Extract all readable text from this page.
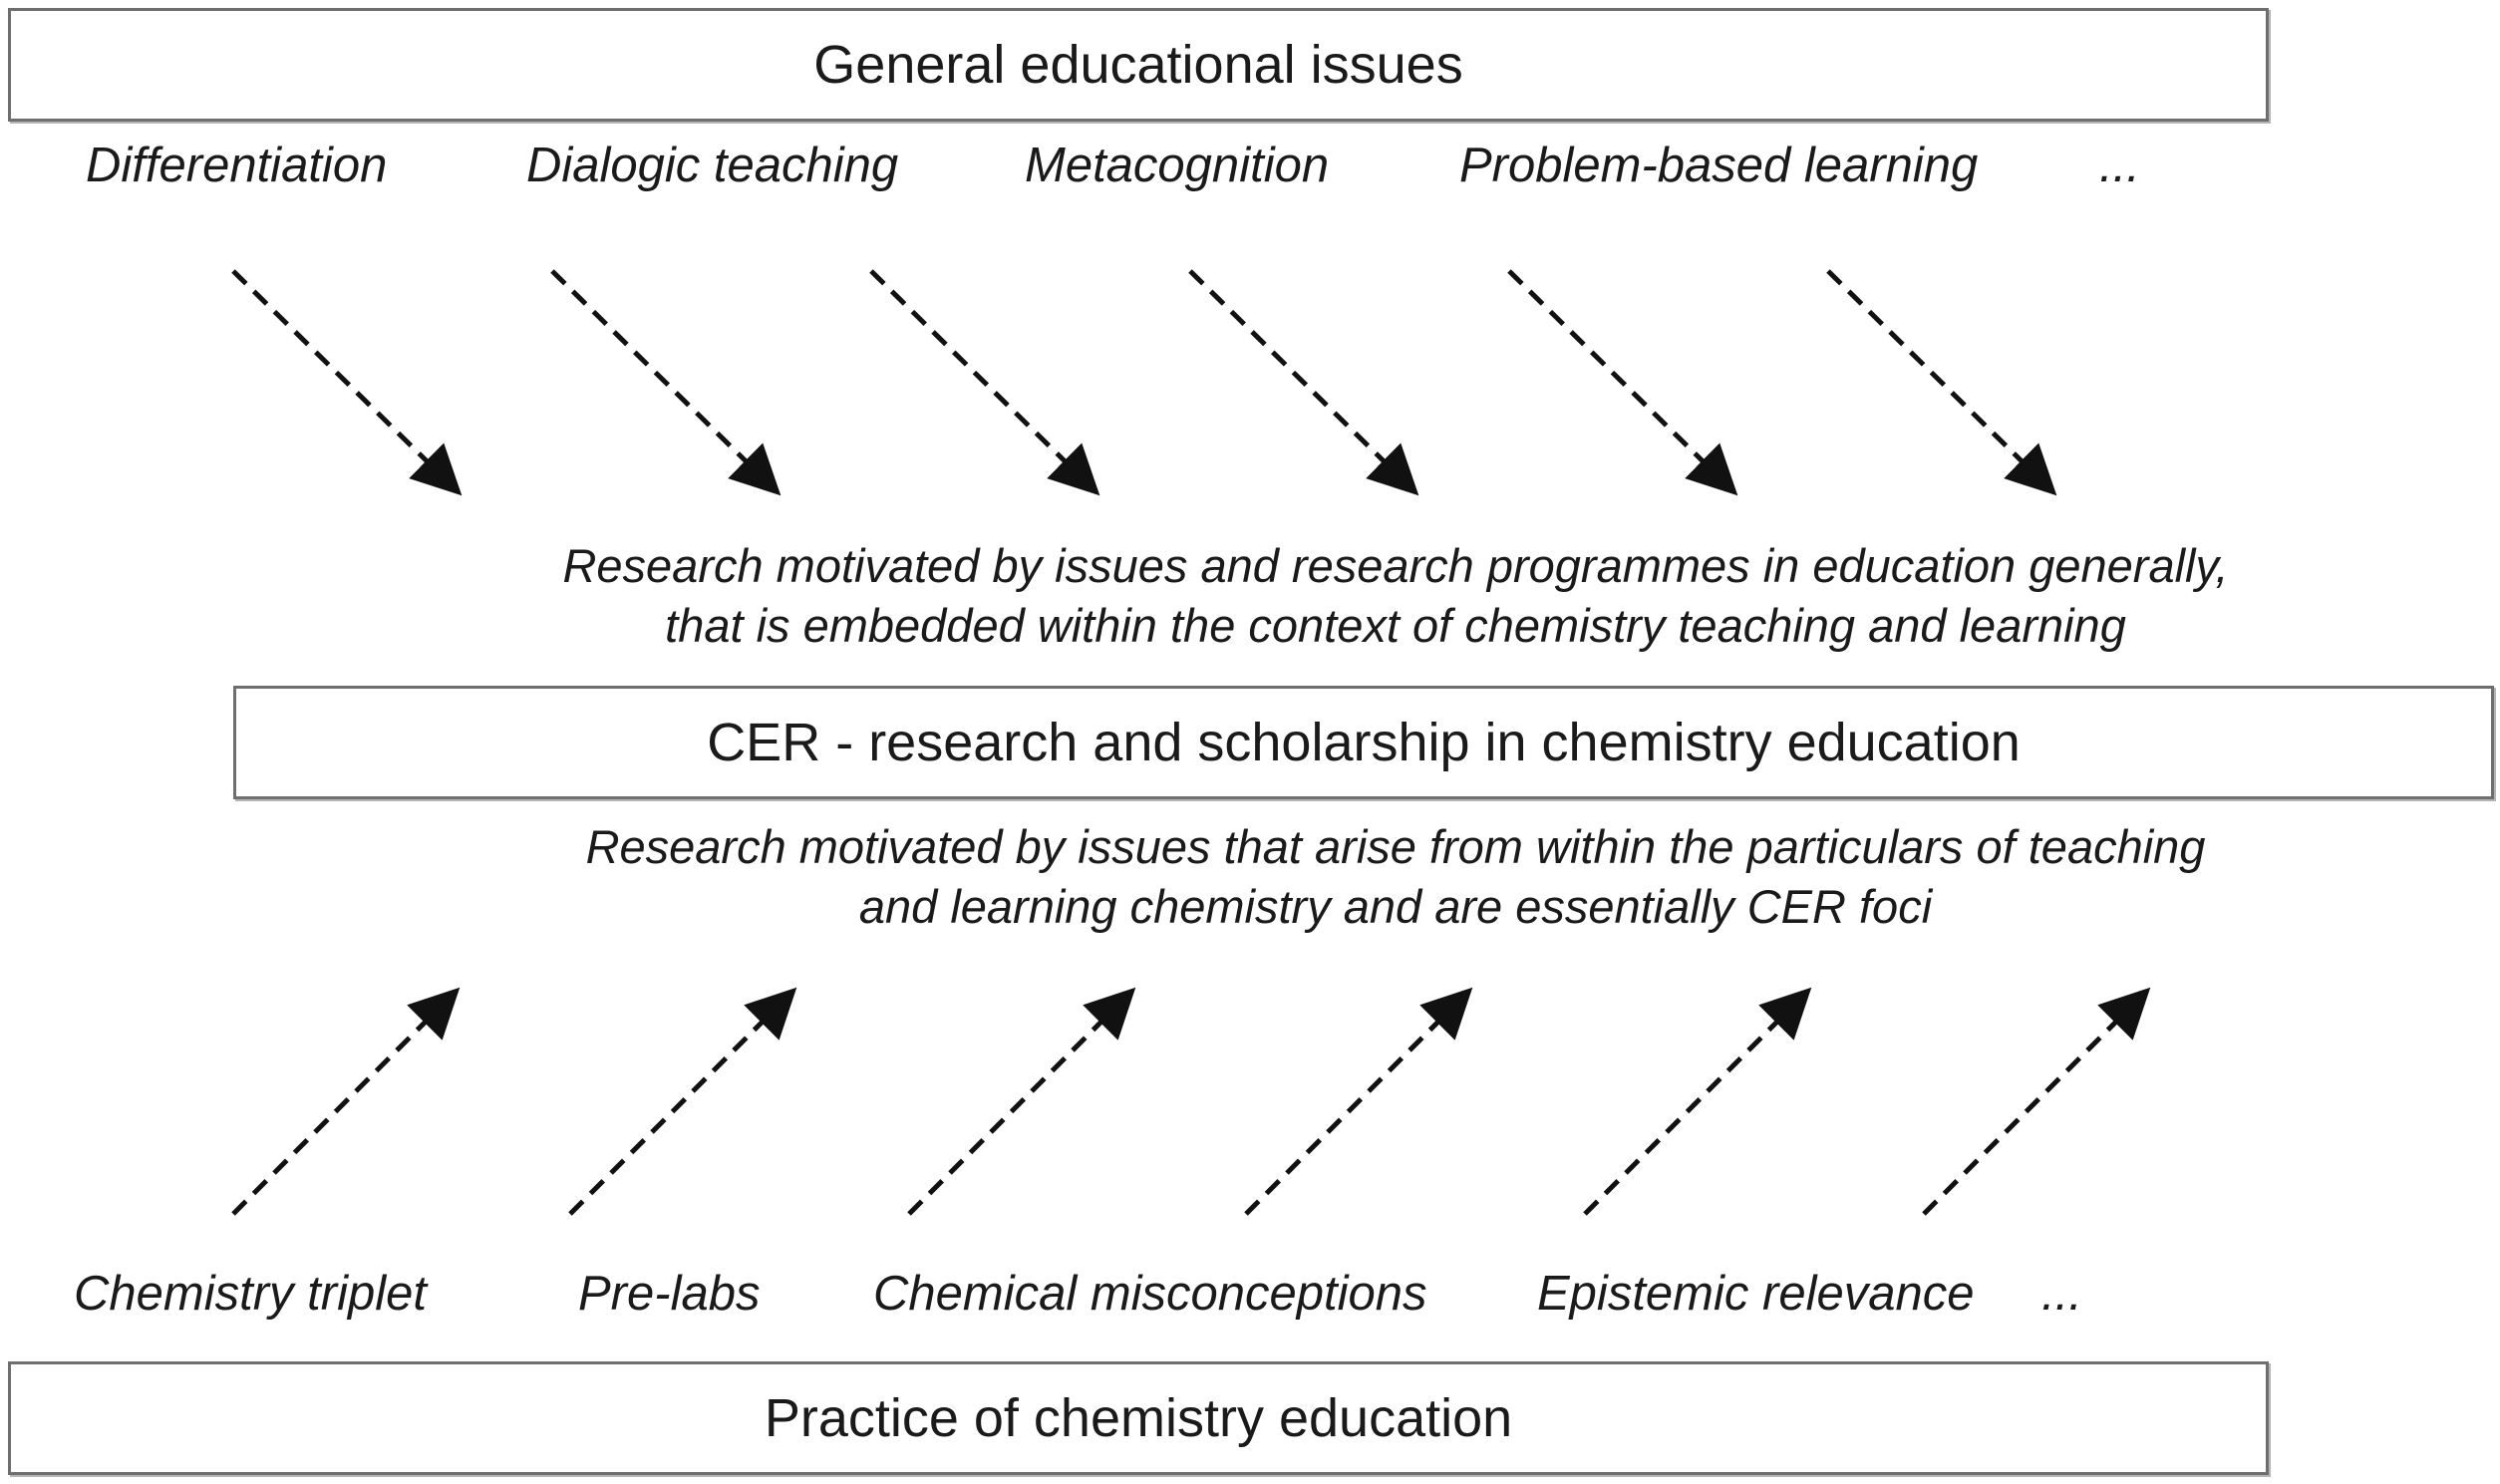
General educational issues
Differentiation	Dialogic teaching	Metacognition	Problem-based learning ...
Research motivated by issues and research programmes in education generally,
that is embedded within the context of chemistry teaching and learning
CER - research and scholarship in chemistry education
Research motivated by issues that arise from within the particulars of teaching
and learning chemistry and are essentially CER foci
Chemistry triplet	Pre-labs Chemical misconceptions Epistemic relevance ...
Practice of chemistry education
